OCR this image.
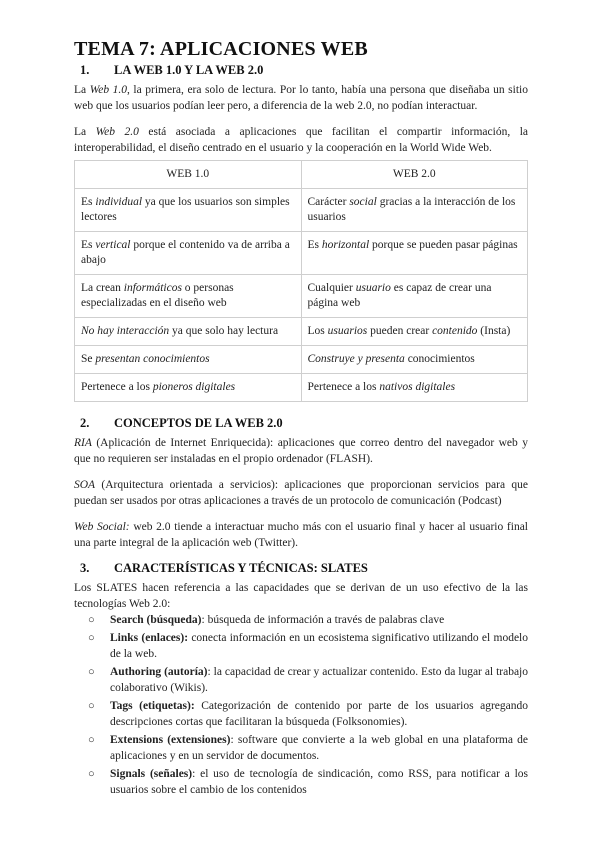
TEMA 7: APLICACIONES WEB
1.	LA WEB 1.0 Y LA WEB 2.0

La Web 1.0, la primera, era solo de lectura. Por lo tanto, había una persona que diseñaba un sitio web que los usuarios podían leer pero, a diferencia de la web 2.0, no podían interactuar.

La Web 2.0 está asociada a aplicaciones que facilitan el compartir información, la interoperabilidad, el diseño centrado en el usuario y la cooperación en la World Wide Web.

WEB 1.0	WEB 2.0
Es individual ya que los usuarios son simples lectores	Carácter social gracias a la interacción de los usuarios
Es vertical porque el contenido va de arriba a abajo	Es horizontal porque se pueden pasar páginas
La crean informáticos o personas especializadas en el diseño web	Cualquier usuario es capaz de crear una página web
No hay interacción ya que solo hay lectura	Los usuarios pueden crear contenido (Insta)
Se presentan conocimientos	Construye y presenta conocimientos
Pertenece a los pioneros digitales	Pertenece a los nativos digitales
2.	CONCEPTOS DE LA WEB 2.0

RIA (Aplicación de Internet Enriquecida): aplicaciones que correo dentro del navegador web y que no requieren ser instaladas en el propio ordenador (FLASH).

SOA (Arquitectura orientada a servicios): aplicaciones que proporcionan servicios para que puedan ser usados por otras aplicaciones a través de un protocolo de comunicación (Podcast)

Web Social: web 2.0 tiende a interactuar mucho más con el usuario final y hacer al usuario final una parte integral de la aplicación web (Twitter).

3.	CARACTERÍSTICAS Y TÉCNICAS: SLATES

Los SLATES hacen referencia a las capacidades que se derivan de un uso efectivo de la las tecnologías Web 2.0:

○ Search (búsqueda): búsqueda de información a través de palabras clave
○ Links (enlaces): conecta información en un ecosistema significativo utilizando el modelo de la web.
○ Authoring (autoría): la capacidad de crear y actualizar contenido. Esto da lugar al trabajo colaborativo (Wikis).
○ Tags (etiquetas): Categorización de contenido por parte de los usuarios agregando descripciones cortas que facilitaran la búsqueda (Folksonomies).
○ Extensions (extensiones): software que convierte a la web global en una plataforma de aplicaciones y en un servidor de documentos.
○ Signals (señales): el uso de tecnología de sindicación, como RSS, para notificar a los usuarios sobre el cambio de los contenidos
